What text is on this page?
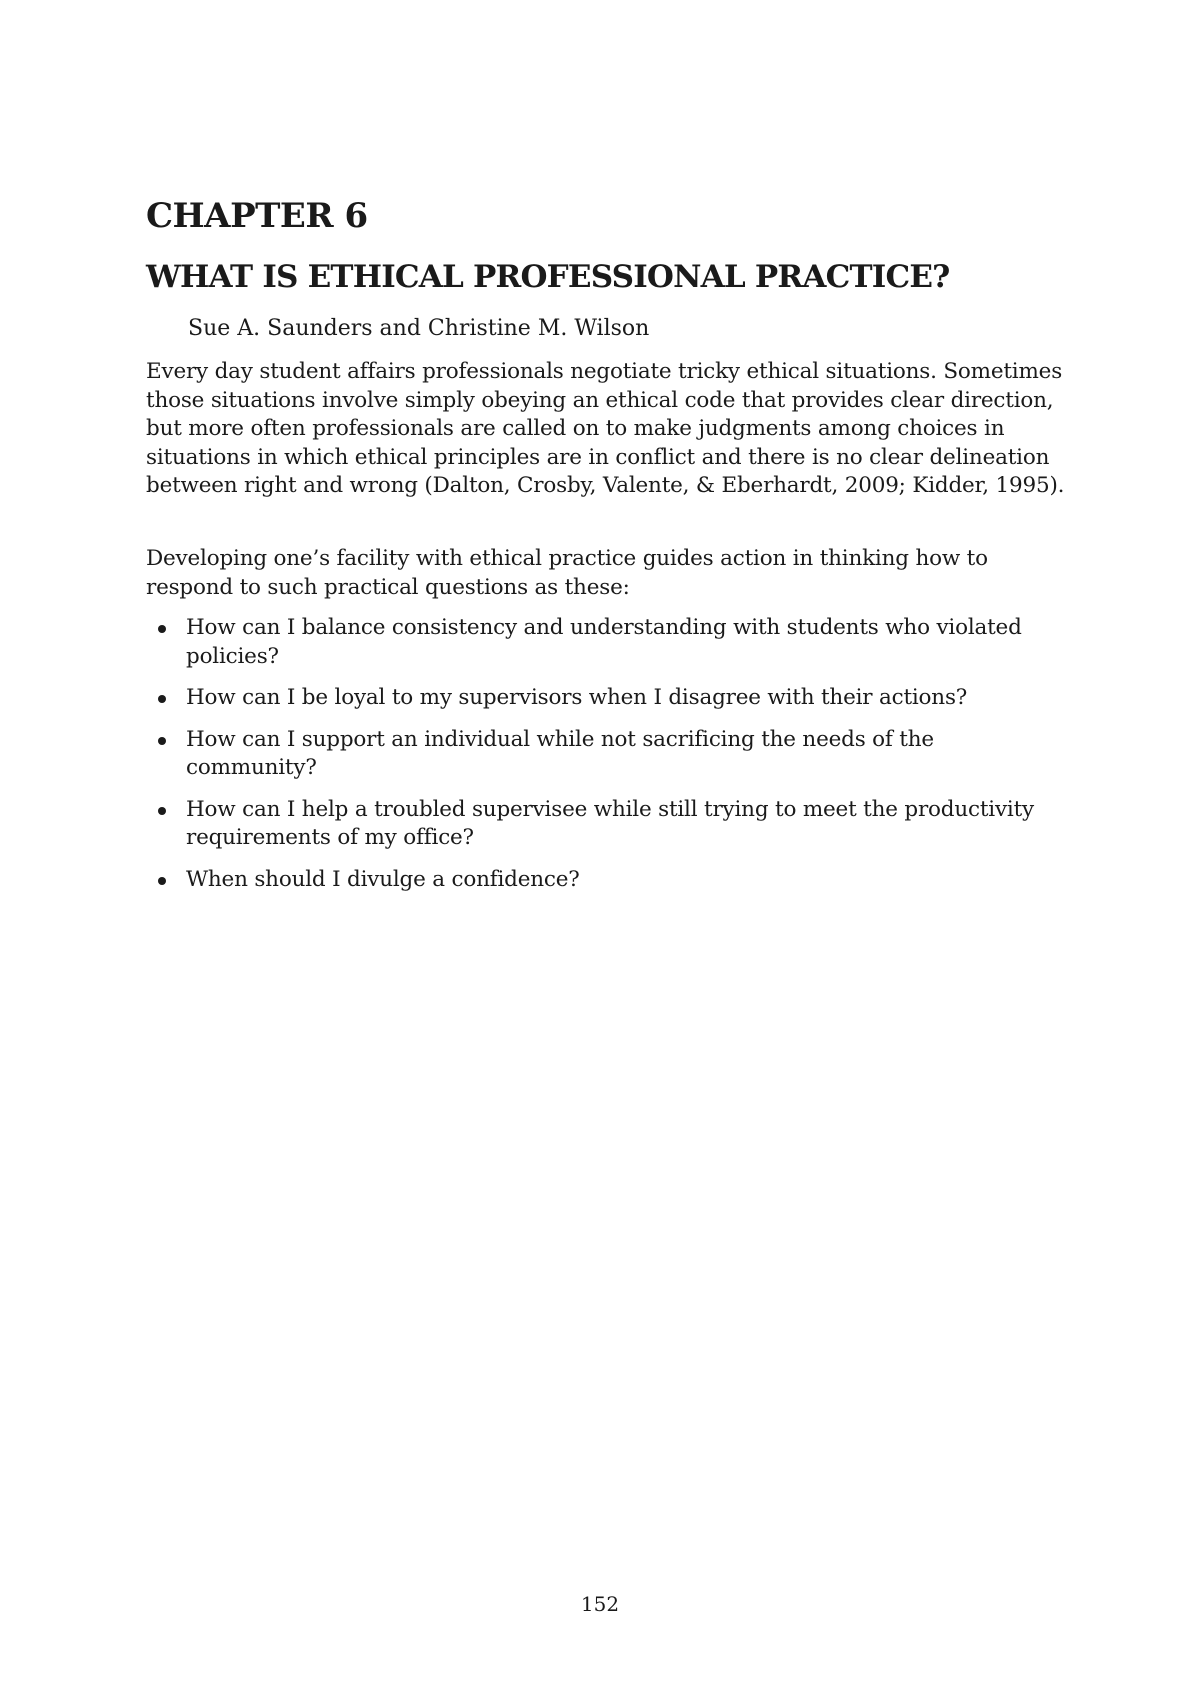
CHAPTER 6
WHAT IS ETHICAL PROFESSIONAL PRACTICE?

Sue A. Saunders and Christine M. Wilson

Every day student affairs professionals negotiate tricky ethical situations. Sometimes those situations involve simply obeying an ethical code that provides clear direction, but more often professionals are called on to make judgments among choices in situations in which ethical principles are in conflict and there is no clear delineation between right and wrong (Dalton, Crosby, Valente, & Eberhardt, 2009; Kidder, 1995).

Developing one’s facility with ethical practice guides action in thinking how to respond to such practical questions as these:

How can I balance consistency and understanding with students who violated policies?
How can I be loyal to my supervisors when I disagree with their actions?
How can I support an individual while not sacrificing the needs of the community?
How can I help a troubled supervisee while still trying to meet the productivity requirements of my office?
When should I divulge a confidence?

152
